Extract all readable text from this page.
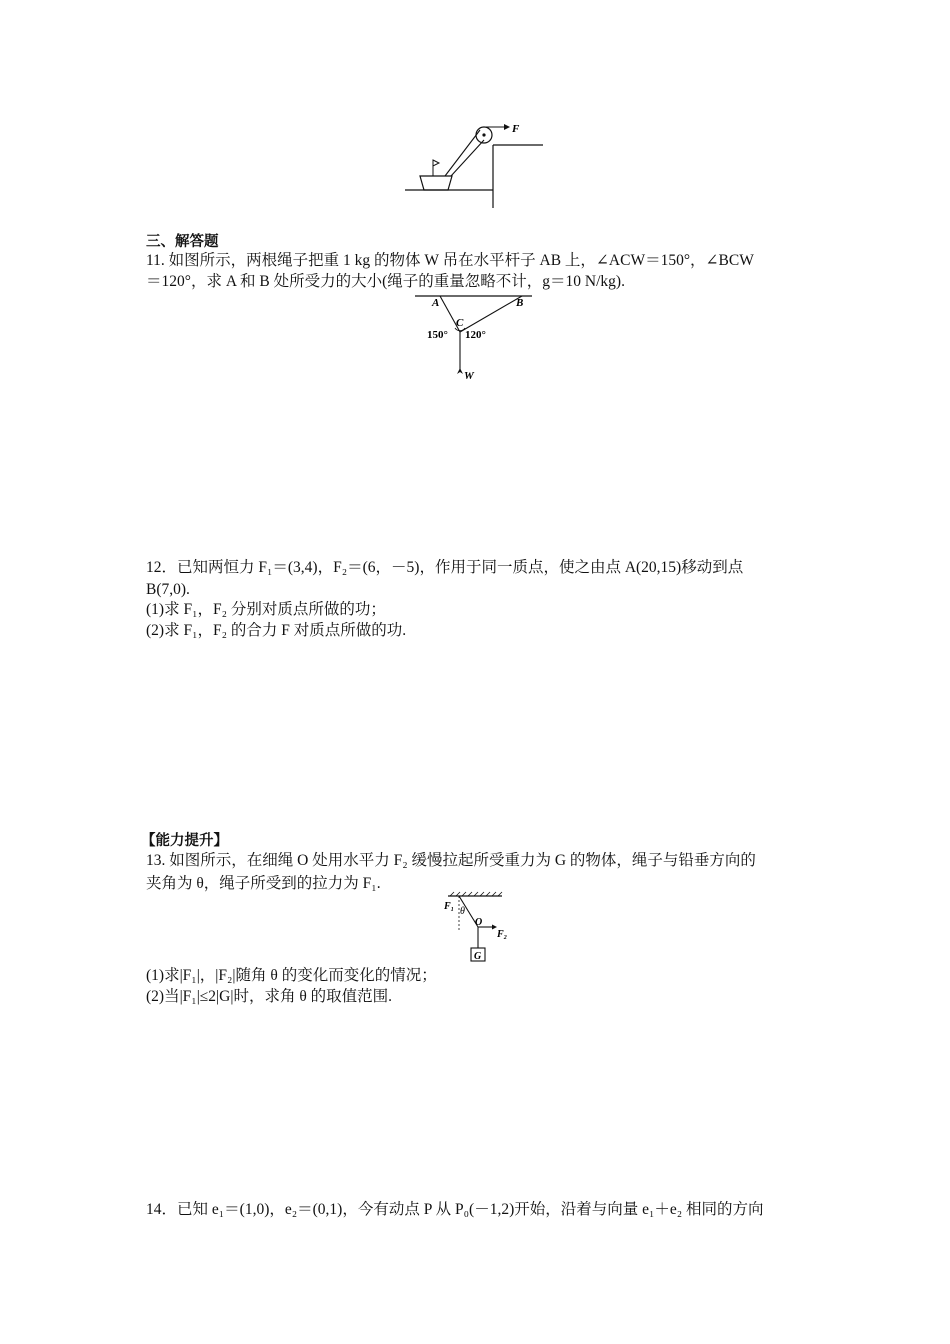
F
三、解答题
11. 如图所示，两根绳子把重 1 kg 的物体 W 吊在水平杆子 AB 上，∠ACW＝150°，∠BCW
＝120°，求 A 和 B 处所受力的大小(绳子的重量忽略不计，g＝10 N/kg).
A	B
C
150° 120°
W
12．已知两恒力 F₁＝(3,4)，F₂＝(6，－5)，作用于同一质点，使之由点 A(20,15)移动到点
B(7,0).
(1)求 F₁，F₂ 分别对质点所做的功；
(2)求 F₁，F₂ 的合力 F 对质点所做的功.
【能力提升】
13. 如图所示，在细绳 O 处用水平力 F₂ 缓慢拉起所受重力为 G 的物体，绳子与铅垂方向的
夹角为 θ，绳子所受到的拉力为 F₁.
F₁ θ
O
F₂
G
(1)求|F₁|，|F₂|随角 θ 的变化而变化的情况；
(2)当|F₁|≤2|G|时，求角 θ 的取值范围.
14．已知 e₁＝(1,0)，e₂＝(0,1)，今有动点 P 从 P₀(－1,2)开始，沿着与向量 e₁＋e₂ 相同的方向
